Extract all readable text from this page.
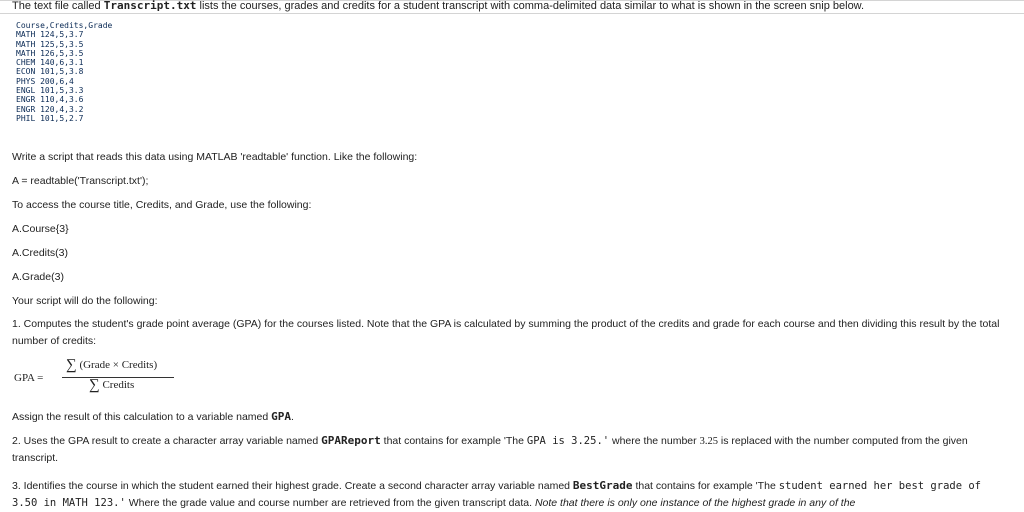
The text file called Transcript.txt lists the courses, grades and credits for a student transcript with comma-delimited data similar to what is shown in the screen snip below.
Course,Credits,Grade
MATH 124,5,3.7
MATH 125,5,3.5
MATH 126,5,3.5
CHEM 140,6,3.1
ECON 101,5,3.8
PHYS 200,6,4
ENGL 101,5,3.3
ENGR 110,4,3.6
ENGR 120,4,3.2
PHIL 101,5,2.7
Write a script that reads this data using MATLAB 'readtable' function. Like the following:
A = readtable('Transcript.txt');
To access the course title, Credits, and Grade, use the following:
A.Course{3}
A.Credits(3)
A.Grade(3)
Your script will do the following:
1. Computes the student's grade point average (GPA) for the courses listed. Note that the GPA is calculated by summing the product of the credits and grade for each course and then dividing this result by the total number of credits:
GPA =
∑ (Grade × Credits)
∑ Credits
Assign the result of this calculation to a variable named GPA.
2. Uses the GPA result to create a character array variable named GPAReport that contains for example 'The GPA is 3.25.' where the number 3.25 is replaced with the number computed from the given transcript.
3. Identifies the course in which the student earned their highest grade. Create a second character array variable named BestGrade that contains for example 'The student earned her best grade of 3.50 in MATH 123.' Where the grade value and course number are retrieved from the given transcript data. Note that there is only one instance of the highest grade in any of the
